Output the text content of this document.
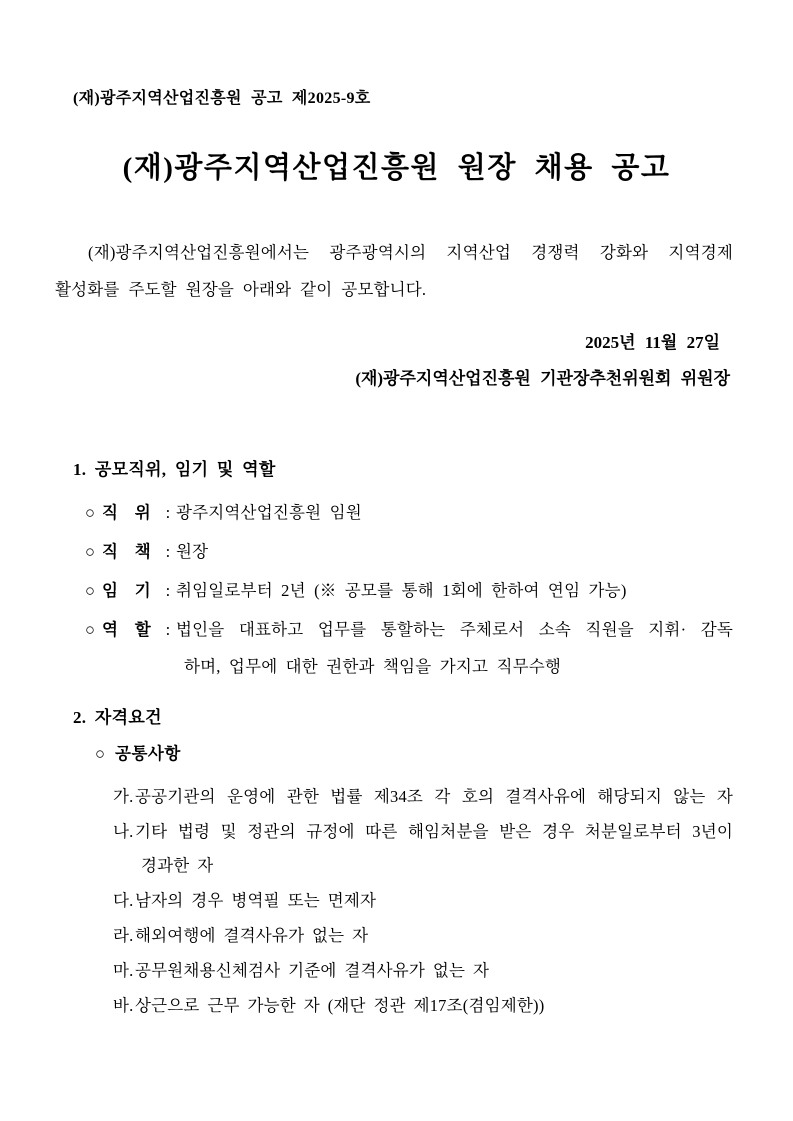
(재)광주지역산업진흥원 공고 제2025-9호
(재)광주지역산업진흥원 원장 채용 공고
(재)광주지역산업진흥원에서는 광주광역시의 지역산업 경쟁력 강화와 지역경제
활성화를 주도할 원장을 아래와 같이 공모합니다.
2025년 11월 27일
(재)광주지역산업진흥원 기관장추천위원회 위원장
1. 공모직위, 임기 및 역할
○ 직  위 : 광주지역산업진흥원 임원
○ 직  책 : 원장
○ 임  기 : 취임일로부터 2년 (※ 공모를 통해 1회에 한하여 연임 가능)
○ 역  할 : 법인을 대표하고 업무를 통할하는 주체로서 소속 직원을 지휘· 감독
하며, 업무에 대한 권한과 책임을 가지고 직무수행
2. 자격요건
○ 공통사항
가. 공공기관의 운영에 관한 법률 제34조 각 호의 결격사유에 해당되지 않는 자
나. 기타 법령 및 정관의 규정에 따른 해임처분을 받은 경우 처분일로부터 3년이
경과한 자
다. 남자의 경우 병역필 또는 면제자
라. 해외여행에 결격사유가 없는 자
마. 공무원채용신체검사 기준에 결격사유가 없는 자
바. 상근으로 근무 가능한 자 (재단 정관 제17조(겸임제한))
